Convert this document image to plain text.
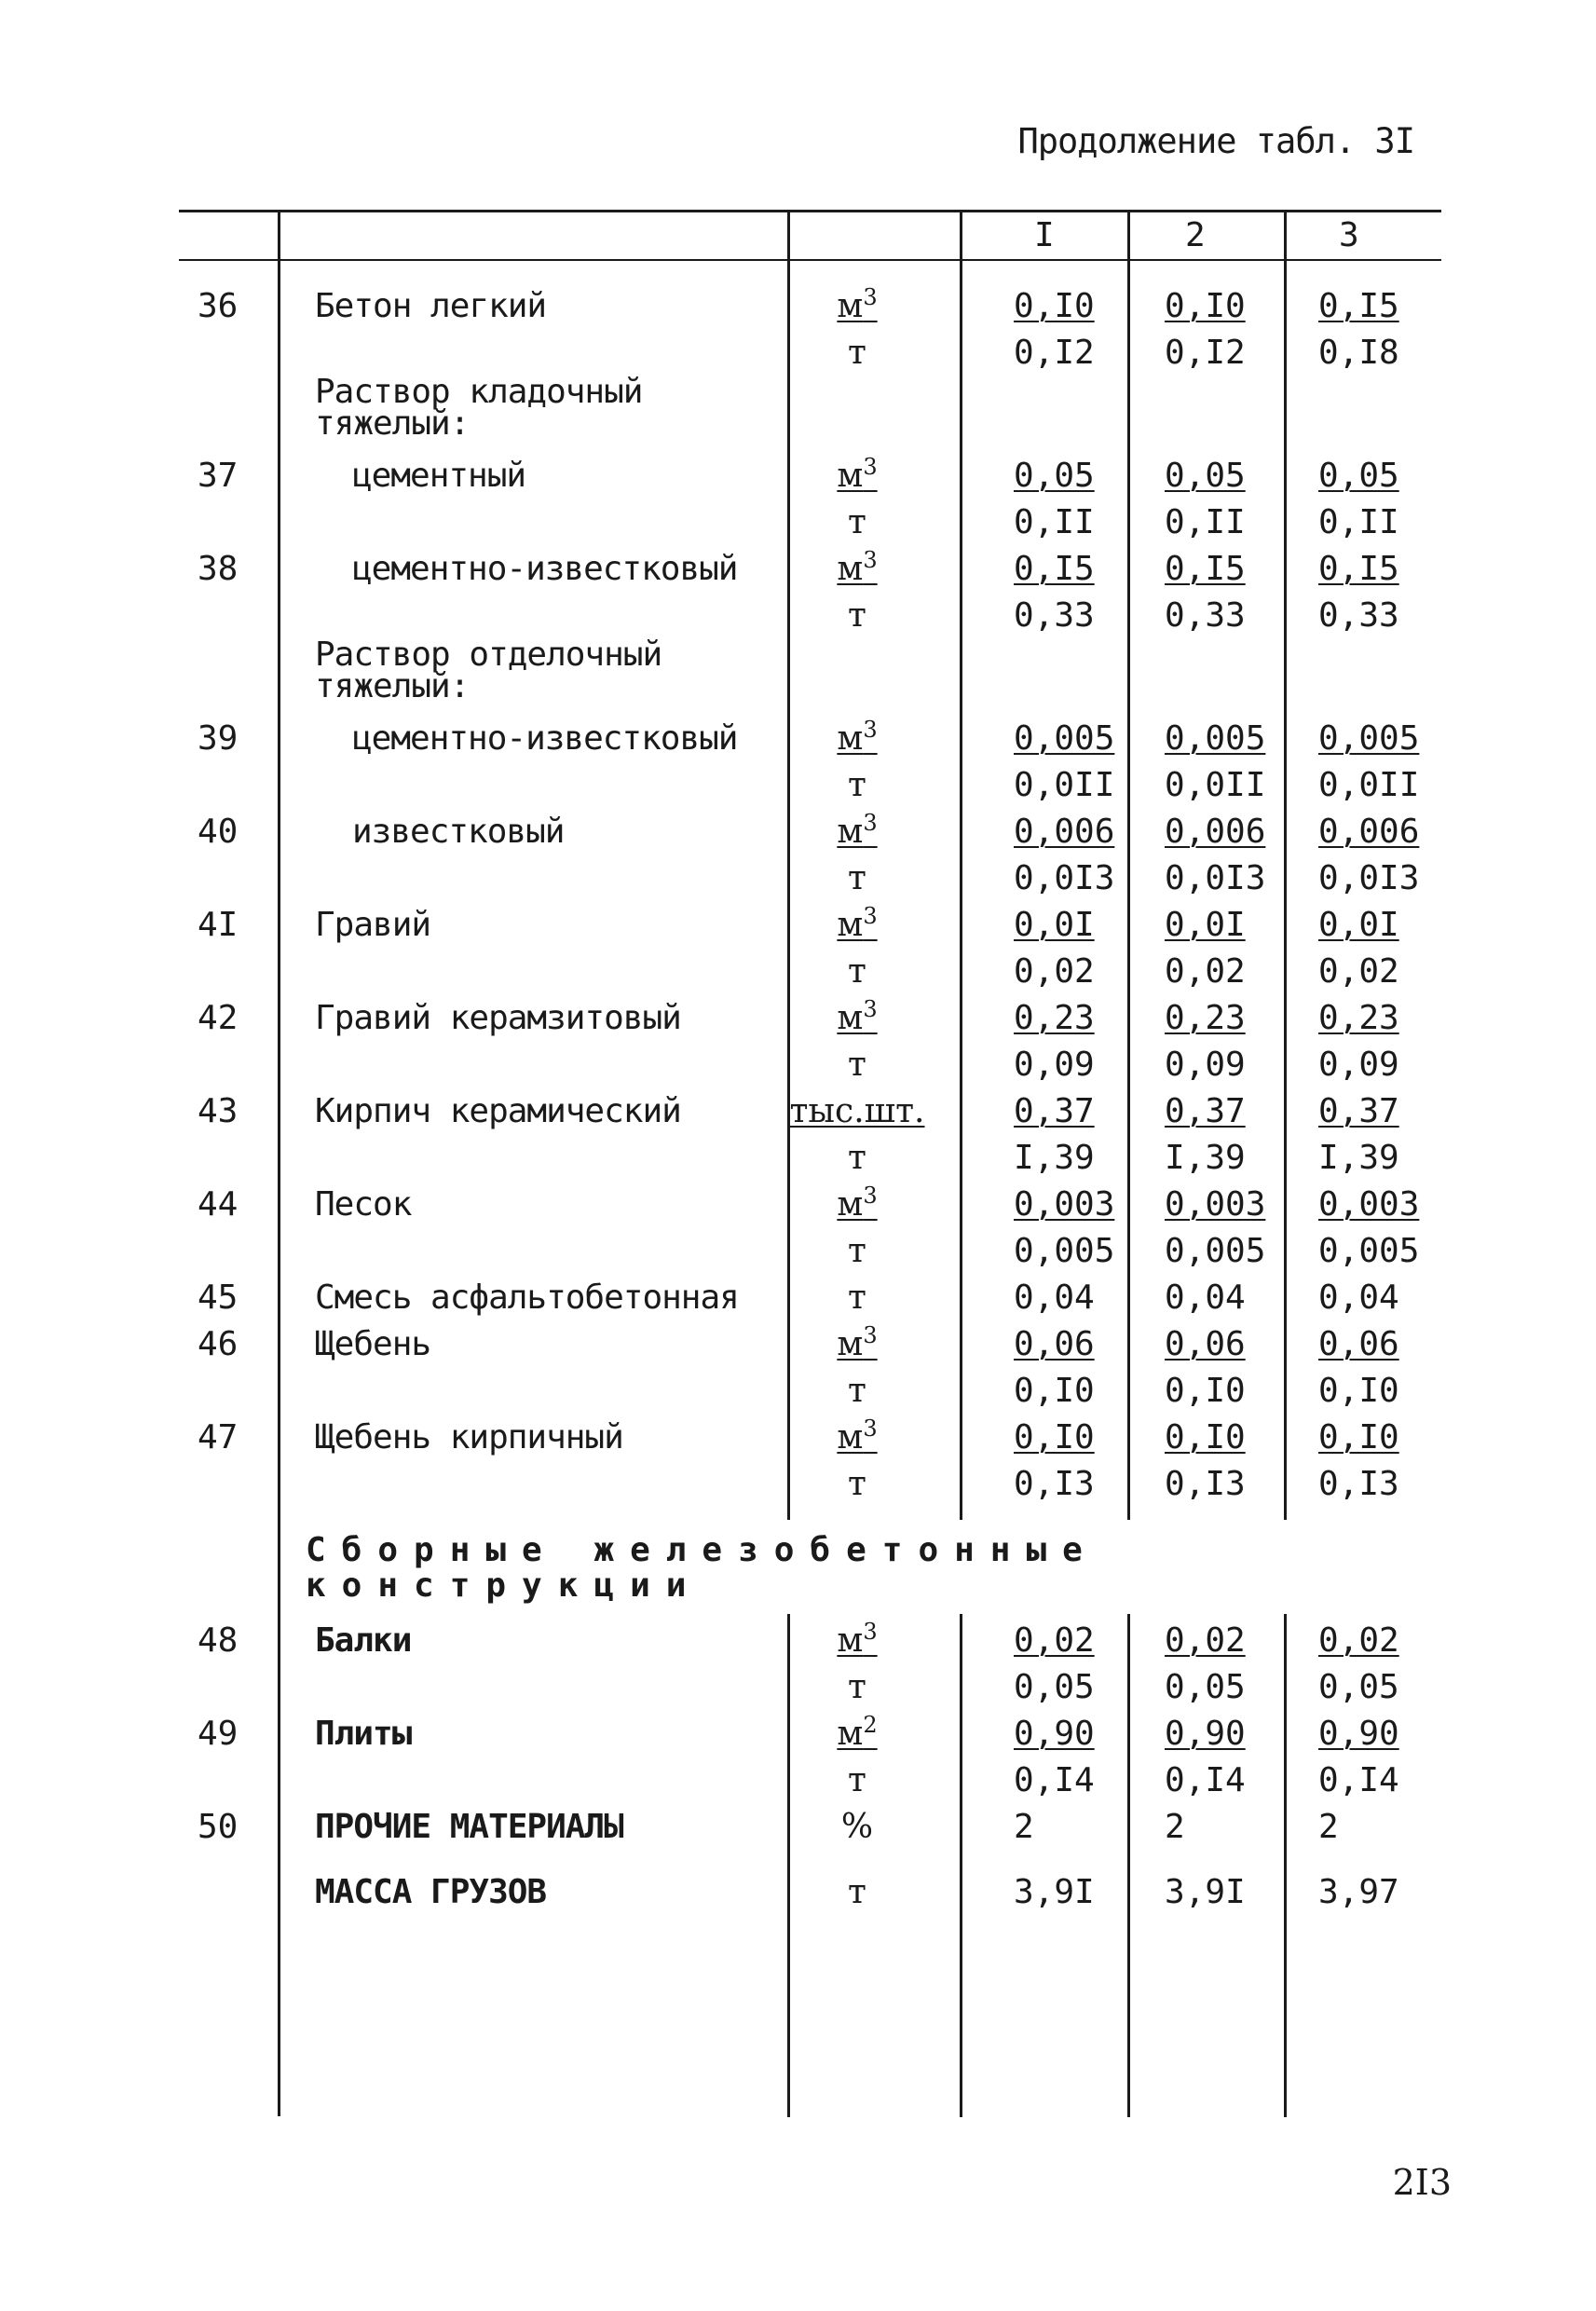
Продолжение табл. 3I
I	2	3
36 Бетон легкий	$м^3$	0,I0 0,I0 0,I5
т	0,I2 0,I2 0,I8
Раствор кладочный тяжелый:
37	цементный	$м^3$	0,05 0,05 0,05
т	0,II 0,II 0,II
38	цементно-известковый	$м^3$	0,I5 0,I5 0,I5
т	0,33 0,33 0,33
Раствор отделочный тяжелый:
39	цементно-известковый	$м^3$	0,005 0,005 0,005
т	0,0II 0,0II 0,0II
40	известковый	$м^3$	0,006 0,006 0,006
т	0,0I3 0,0I3 0,0I3
4I Гравий	$м^3$	0,0I 0,0I 0,0I
т	0,02 0,02 0,02
42 Гравий керамзитовый	$м^3$	0,23 0,23 0,23
т	0,09 0,09 0,09
43 Кирпич керамический	тыс.шт.	0,37 0,37 0,37
т	I,39 I,39 I,39
44 Песок	$м^3$	0,003 0,003 0,003
т	0,005 0,005 0,005
45 Смесь асфальтобетонная	т	0,04 0,04 0,04
46 Щебень	$м^3$	0,06 0,06 0,06
т	0,I0 0,I0 0,I0
47 Щебень кирпичный	$м^3$	0,I0 0,I0 0,I0
т	0,I3 0,I3 0,I3
48 Балки	$м^3$	0,02 0,02 0,02
т	0,05 0,05 0,05
49 Плиты	$м^2$	0,90 0,90 0,90
т	0,I4 0,I4 0,I4
50 ПРОЧИЕ МАТЕРИАЛЫ	%	2	2	2
МАССА ГРУЗОВ	т	3,9I 3,9I 3,97
Сборные железобетонные конструкции
2I3
